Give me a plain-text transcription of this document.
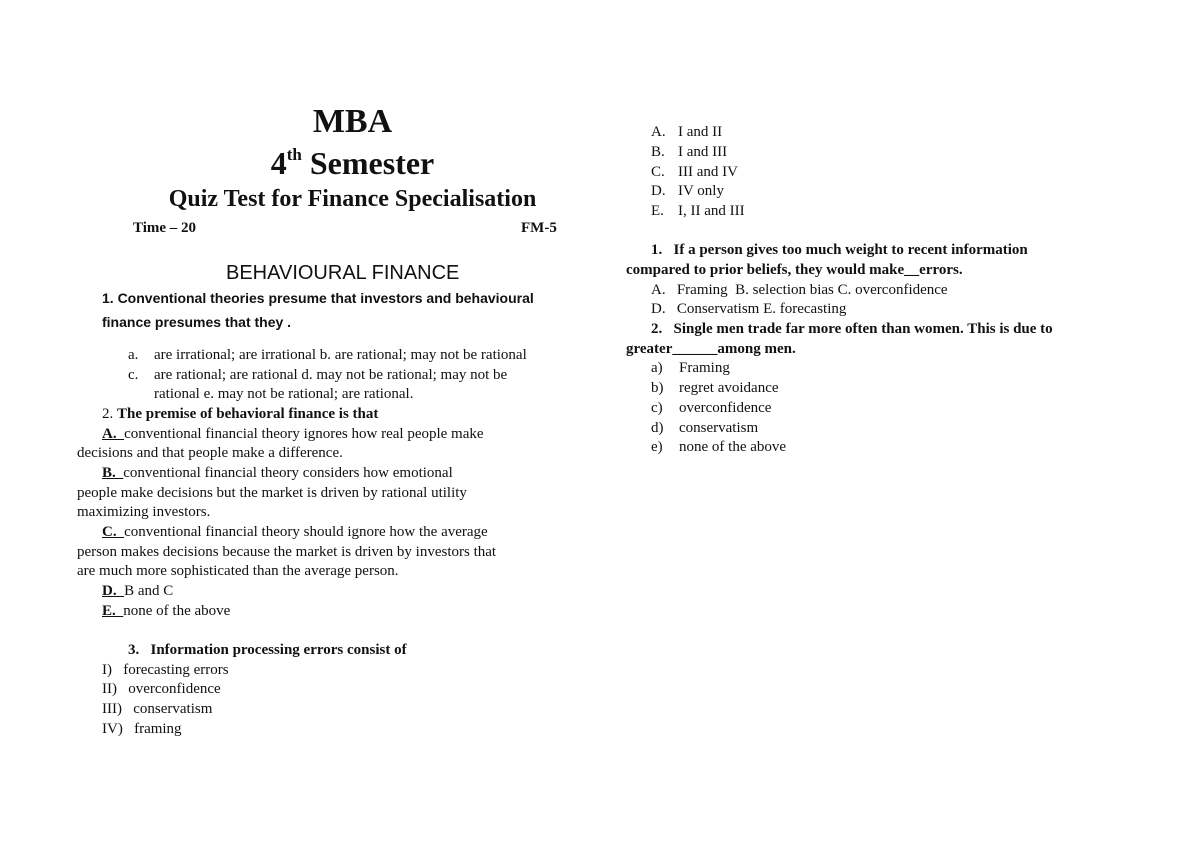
MBA
4th Semester
Quiz Test for Finance Specialisation
Time – 20	FM-5
BEHAVIOURAL FINANCE
1. Conventional theories presume that investors and behavioural
finance presumes that they .
a. are irrational; are irrational b. are rational; may not be rational
c. are rational; are rational d. may not be rational; may not be
rational e. may not be rational; are rational.
2. The premise of behavioral finance is that
A.  conventional financial theory ignores how real people make
decisions and that people make a difference.
B.  conventional financial theory considers how emotional
people make decisions but the market is driven by rational utility
maximizing investors.
C.  conventional financial theory should ignore how the average
person makes decisions because the market is driven by investors that
are much more sophisticated than the average person.
D.  B and C
E.  none of the above
3.   Information processing errors consist of
I) forecasting errors
II) overconfidence
III) conservatism
IV) framing
A. I and II
B. I and III
C. III and IV
D. IV only
E. I, II and III
1.   If a person gives too much weight to recent information
compared to prior beliefs, they would make__errors.
A.   Framing  B. selection bias C. overconfidence
D.   Conservatism E. forecasting
2.   Single men trade far more often than women. This is due to
greater______among men.
a) Framing
b) regret avoidance
c) overconfidence
d) conservatism
e) none of the above
